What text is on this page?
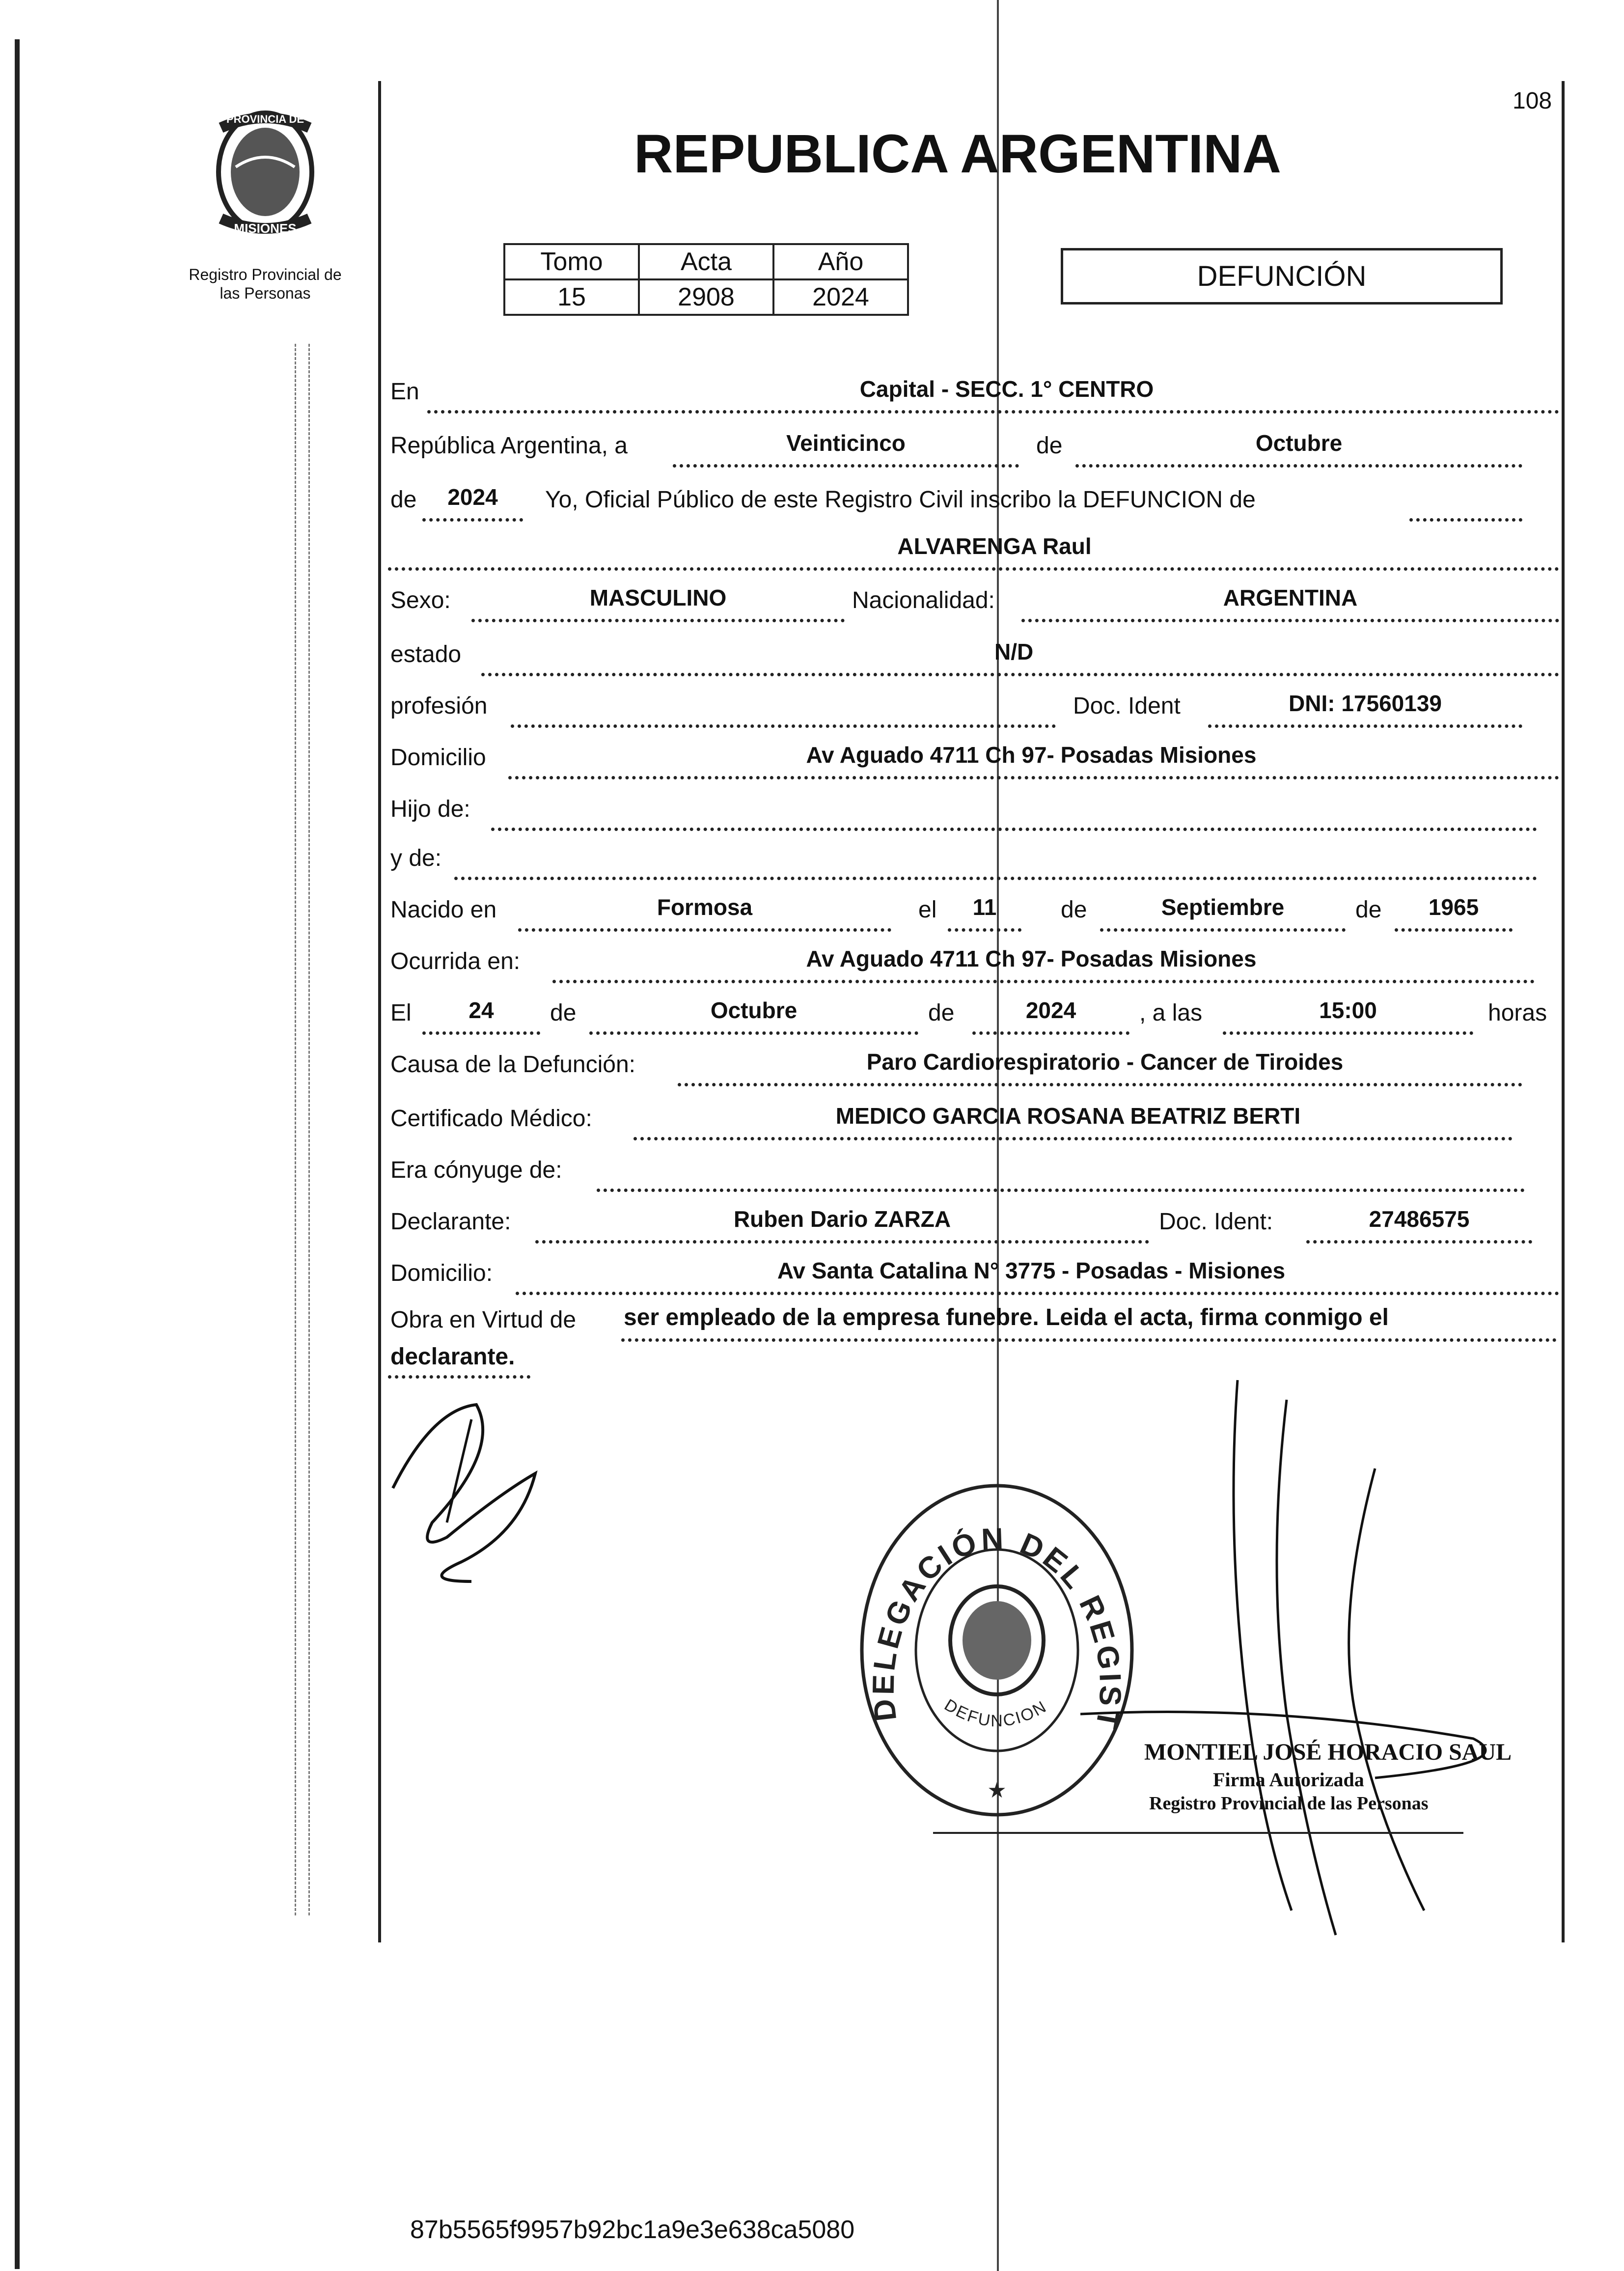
108
PROVINCIA DE
MISIONES
Registro Provincial de
las Personas
REPUBLICA ARGENTINA
Tomo	Acta	Año
15	2908	2024
DEFUNCIÓN
En	Capital - SECC. 1° CENTRO
República Argentina, a	Veinticinco	de	Octubre
de	2024	Yo, Oficial Público de este Registro Civil inscribo la DEFUNCION de
ALVARENGA Raul
Sexo:	MASCULINO	Nacionalidad:	ARGENTINA
estado	N/D
profesión	Doc. Ident	DNI: 17560139
Domicilio	Av Aguado 4711 Ch 97- Posadas Misiones
Hijo de:
y de:
Nacido en	Formosa	el	11	de	Septiembre	de	1965
Ocurrida en:	Av Aguado 4711 Ch 97- Posadas Misiones
El	24	de	Octubre	de	2024	, a las	15:00	horas
Causa de la Defunción:	Paro Cardiorespiratorio - Cancer de Tiroides
Certificado Médico:	MEDICO GARCIA ROSANA BEATRIZ BERTI
Era cónyuge de:
Declarante:	Ruben Dario ZARZA	Doc. Ident:	27486575
Domicilio:	Av Santa Catalina N° 3775 - Posadas - Misiones
Obra en Virtud de ser empleado de la empresa funebre. Leida el acta, firma conmigo el
declarante.
DELEGACIÓN DEL REGIST
DEFUNCION
★
MONTIEL JOSÉ HORACIO SAUL
Firma Autorizada
Registro Provincial de las Personas
87b5565f9957b92bc1a9e3e638ca5080
